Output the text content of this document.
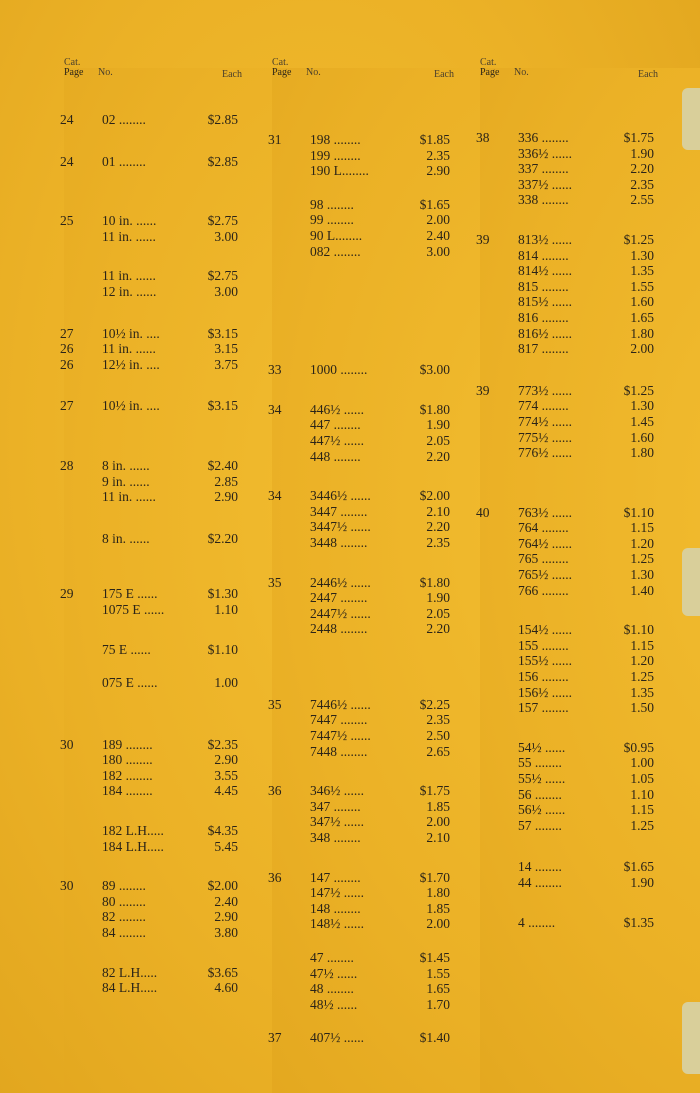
Cat.
Page	No.	Each
24 02 ........	$2.85
24 01 ........	$2.85
25 10 in. ......	$2.75
11 in. ......	3.00
11 in. ......	$2.75
12 in. ......	3.00
27 10½ in. ....	$3.15
26 11 in. ......	3.15
26 12½ in. ....	3.75
27 10½ in. ....	$3.15
28 8 in. ......	$2.40
9 in. ......	2.85
11 in. ......	2.90
8 in. ......	$2.20
29 175 E ......	$1.30
1075 E ......	1.10
75 E ......	$1.10
075 E ......	1.00
30 189 ........	$2.35
180 ........	2.90
182 ........	3.55
184 ........	4.45
182 L.H.....	$4.35
184 L.H.....	5.45
30 89 ........	$2.00
80 ........	2.40
82 ........	2.90
84 ........	3.80
82 L.H.....	$3.65
84 L.H.....	4.60
Cat.
Page	No.	Each
31 198 ........	$1.85
199 ........	2.35
190 L........	2.90
98 ........	$1.65
99 ........	2.00
90 L........	2.40
082 ........	3.00
33 1000 ........	$3.00
34 446½ ......	$1.80
447 ........	1.90
447½ ......	2.05
448 ........	2.20
34 3446½ ......	$2.00
3447 ........	2.10
3447½ ......	2.20
3448 ........	2.35
35 2446½ ......	$1.80
2447 ........	1.90
2447½ ......	2.05
2448 ........	2.20
35 7446½ ......	$2.25
7447 ........	2.35
7447½ ......	2.50
7448 ........	2.65
36 346½ ......	$1.75
347 ........	1.85
347½ ......	2.00
348 ........	2.10
36 147 ........	$1.70
147½ ......	1.80
148 ........	1.85
148½ ......	2.00
47 ........	$1.45
47½ ......	1.55
48 ........	1.65
48½ ......	1.70
37 407½ ......	$1.40
Cat.
Page	No.	Each
38 336 ........	$1.75
336½ ......	1.90
337 ........	2.20
337½ ......	2.35
338 ........	2.55
39 813½ ......	$1.25
814 ........	1.30
814½ ......	1.35
815 ........	1.55
815½ ......	1.60
816 ........	1.65
816½ ......	1.80
817 ........	2.00
39 773½ ......	$1.25
774 ........	1.30
774½ ......	1.45
775½ ......	1.60
776½ ......	1.80
40 763½ ......	$1.10
764 ........	1.15
764½ ......	1.20
765 ........	1.25
765½ ......	1.30
766 ........	1.40
154½ ......	$1.10
155 ........	1.15
155½ ......	1.20
156 ........	1.25
156½ ......	1.35
157 ........	1.50
54½ ......	$0.95
55 ........	1.00
55½ ......	1.05
56 ........	1.10
56½ ......	1.15
57 ........	1.25
14 ........	$1.65
44 ........	1.90
4 ........	$1.35
